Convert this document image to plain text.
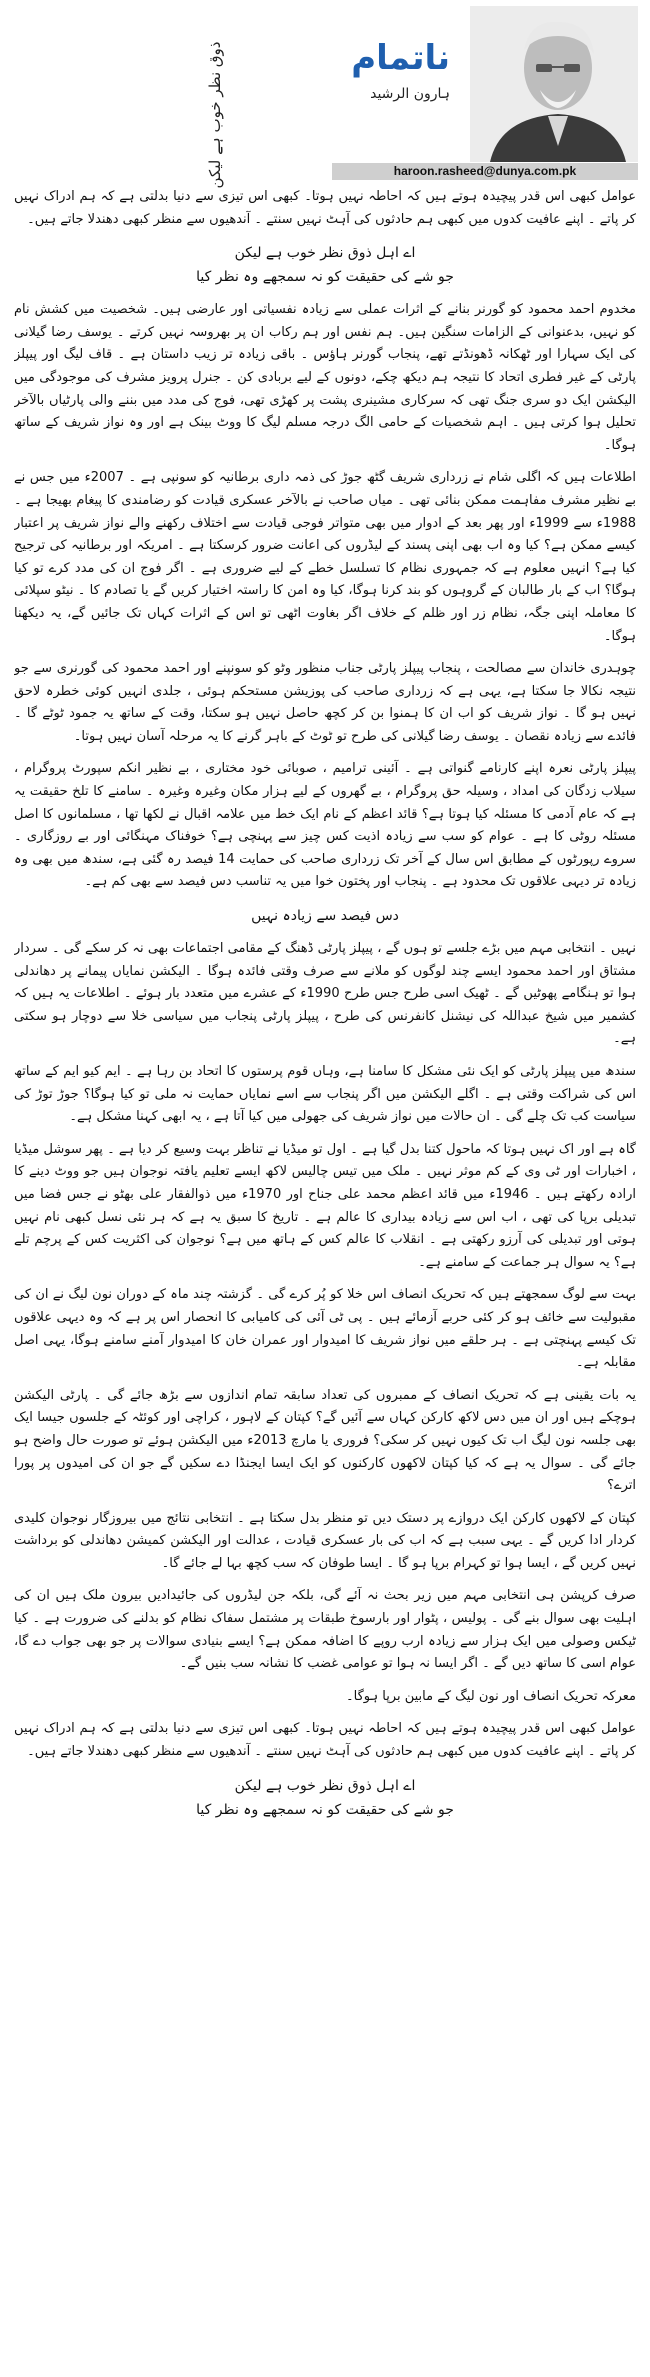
ناتمام
ہارون الرشید
haroon.rasheed@dunya.com.pk
ذوق نظر خوب ہے لیکن

عوامل کبھی اس قدر پیچیدہ ہوتے ہیں کہ احاطہ نہیں ہوتا۔ کبھی اس تیزی سے دنیا بدلتی ہے کہ ہم ادراک نہیں کر پاتے ۔ اپنے عافیت کدوں میں کبھی ہم حادثوں کی آہٹ نہیں سنتے ۔ آندھیوں سے منظر کبھی دھندلا جاتے ہیں۔

اے اہل ذوق نظر خوب ہے لیکن
جو شے کی حقیقت کو نہ سمجھے وہ نظر کیا

مخدوم احمد محمود کو گورنر بنانے کے اثرات عملی سے زیادہ نفسیاتی اور عارضی ہیں۔ شخصیت میں کشش نام کو نہیں، بدعنوانی کے الزامات سنگین ہیں۔ ہم نفس اور ہم رکاب ان پر بھروسہ نہیں کرتے ۔ یوسف رضا گیلانی کی ایک سہارا اور ٹھکانہ ڈھونڈتے تھے، پنجاب گورنر ہاؤس ۔ باقی زیادہ تر زیب داستان ہے ۔ قاف لیگ اور پیپلز پارٹی کے غیر فطری اتحاد کا نتیجہ ہم دیکھ چکے، دونوں کے لیے بربادی کن ۔ جنرل پرویز مشرف کی موجودگی میں الیکشن ایک دو سری جنگ تھی کہ سرکاری مشینری پشت پر کھڑی تھی، فوج کی مدد میں بننے والی پارٹیاں بالآخر تحلیل ہوا کرتی ہیں ۔ اہم شخصیات کے حامی الگ درجہ مسلم لیگ کا ووٹ بینک ہے اور وہ نواز شریف کے ساتھ ہوگا۔

اطلاعات ہیں کہ اگلی شام نے زرداری شریف گٹھ جوڑ کی ذمہ داری برطانیہ کو سونپی ہے ۔ 2007ء میں جس نے بے نظیر مشرف مفاہمت ممکن بنائی تھی ۔ میاں صاحب نے بالآخر عسکری قیادت کو رضامندی کا پیغام بھیجا ہے ۔ 1988ء سے 1999ء اور پھر بعد کے ادوار میں بھی متواتر فوجی قیادت سے اختلاف رکھنے والے نواز شریف پر اعتبار کیسے ممکن ہے؟ کیا وہ اب بھی اپنی پسند کے لیڈروں کی اعانت ضرور کرسکتا ہے ۔ امریکہ اور برطانیہ کی ترجیح کیا ہے؟ انہیں معلوم ہے کہ جمہوری نظام کا تسلسل خطے کے لیے ضروری ہے ۔ اگر فوج ان کی مدد کرے تو کیا ہوگا؟ اب کے بار طالبان کے گروہوں کو بند کرنا ہوگا، کیا وہ امن کا راستہ اختیار کریں گے یا تصادم کا ۔ نیٹو سپلائی کا معاملہ اپنی جگہ، نظام زر اور ظلم کے خلاف اگر بغاوت اٹھی تو اس کے اثرات کہاں تک جائیں گے، یہ دیکھنا ہوگا۔

چوہدری خاندان سے مصالحت ، پنجاب پیپلز پارٹی جناب منظور وٹو کو سونپنے اور احمد محمود کی گورنری سے جو نتیجہ نکالا جا سکتا ہے، یہی ہے کہ زرداری صاحب کی پوزیشن مستحکم ہوئی ، جلدی انہیں کوئی خطرہ لاحق نہیں ہو گا ۔ نواز شریف کو اب ان کا ہمنوا بن کر کچھ حاصل نہیں ہو سکتا، وقت کے ساتھ یہ جمود ٹوٹے گا ۔ فائدے سے زیادہ نقصان ۔ یوسف رضا گیلانی کی طرح تو ٹوٹ کے باہر گرنے کا یہ مرحلہ آسان نہیں ہوتا۔

پیپلز پارٹی نعرہ اپنے کارنامے گنواتی ہے ۔ آئینی ترامیم ، صوبائی خود مختاری ، بے نظیر انکم سپورٹ پروگرام ، سیلاب زدگان کی امداد ، وسیلہ حق پروگرام ، بے گھروں کے لیے ہزار مکان وغیرہ وغیرہ ۔ سامنے کا تلخ حقیقت یہ ہے کہ عام آدمی کا مسئلہ کیا ہوتا ہے؟ قائد اعظم کے نام ایک خط میں علامہ اقبال نے لکھا تھا ، مسلمانوں کا اصل مسئلہ روٹی کا ہے ۔ عوام کو سب سے زیادہ اذیت کس چیز سے پہنچی ہے؟ خوفناک مہنگائی اور بے روزگاری ۔ سروے رپورٹوں کے مطابق اس سال کے آخر تک زرداری صاحب کی حمایت 14 فیصد رہ گئی ہے، سندھ میں بھی وہ زیادہ تر دیہی علاقوں تک محدود ہے ۔ پنجاب اور پختون خوا میں یہ تناسب دس فیصد سے بھی کم ہے۔

دس فیصد سے زیادہ نہیں

نہیں ۔ انتخابی مہم میں بڑے جلسے تو ہوں گے ، پیپلز پارٹی ڈھنگ کے مقامی اجتماعات بھی نہ کر سکے گی ۔ سردار مشتاق اور احمد محمود ایسے چند لوگوں کو ملانے سے صرف وقتی فائدہ ہوگا ۔ الیکشن نمایاں پیمانے پر دھاندلی ہوا تو ہنگامے پھوٹیں گے ۔ ٹھیک اسی طرح جس طرح 1990ء کے عشرے میں متعدد بار ہوئے ۔ اطلاعات یہ ہیں کہ کشمیر میں شیخ عبداللہ کی نیشنل کانفرنس کی طرح ، پیپلز پارٹی پنجاب میں سیاسی خلا سے دوچار ہو سکتی ہے۔

سندھ میں پیپلز پارٹی کو ایک نئی مشکل کا سامنا ہے، وہاں قوم پرستوں کا اتحاد بن رہا ہے ۔ ایم کیو ایم کے ساتھ اس کی شراکت وقتی ہے ۔ اگلے الیکشن میں اگر پنجاب سے اسے نمایاں حمایت نہ ملی تو کیا ہوگا؟ جوڑ توڑ کی سیاست کب تک چلے گی ۔ ان حالات میں نواز شریف کی جھولی میں کیا آتا ہے ، یہ ابھی کہنا مشکل ہے۔

گاہ ہے اور اک نہیں ہوتا کہ ماحول کتنا بدل گیا ہے ۔ اول تو میڈیا نے تناظر بہت وسیع کر دیا ہے ۔ پھر سوشل میڈیا ، اخبارات اور ٹی وی کے کم موثر نہیں ۔ ملک میں تیس چالیس لاکھ ایسے تعلیم یافتہ نوجوان ہیں جو ووٹ دینے کا ارادہ رکھتے ہیں ۔ 1946ء میں قائد اعظم محمد علی جناح اور 1970ء میں ذوالفقار علی بھٹو نے جس فضا میں تبدیلی برپا کی تھی ، اب اس سے زیادہ بیداری کا عالم ہے ۔ تاریخ کا سبق یہ ہے کہ ہر نئی نسل کبھی نام نہیں ہوتی اور تبدیلی کی آرزو رکھتی ہے ۔ انقلاب کا عالم کس کے ہاتھ میں ہے؟ نوجوان کی اکثریت کس کے پرچم تلے ہے؟ یہ سوال ہر جماعت کے سامنے ہے۔

بہت سے لوگ سمجھتے ہیں کہ تحریک انصاف اس خلا کو پُر کرے گی ۔ گزشتہ چند ماہ کے دوران نون لیگ نے ان کی مقبولیت سے خائف ہو کر کئی حربے آزمائے ہیں ۔ پی ٹی آئی کی کامیابی کا انحصار اس پر ہے کہ وہ دیہی علاقوں تک کیسے پہنچتی ہے ۔ ہر حلقے میں نواز شریف کا امیدوار اور عمران خان کا امیدوار آمنے سامنے ہوگا، یہی اصل مقابلہ ہے۔

یہ بات یقینی ہے کہ تحریک انصاف کے ممبروں کی تعداد سابقہ تمام اندازوں سے بڑھ جائے گی ۔ پارٹی الیکشن ہوچکے ہیں اور ان میں دس لاکھ کارکن کہاں سے آئیں گے؟ کپتان کے لاہور ، کراچی اور کوئٹہ کے جلسوں جیسا ایک بھی جلسہ نون لیگ اب تک کیوں نہیں کر سکی؟ فروری یا مارچ 2013ء میں الیکشن ہوئے تو صورت حال واضح ہو جائے گی ۔ سوال یہ ہے کہ کیا کپتان لاکھوں کارکنوں کو ایک ایسا ایجنڈا دے سکیں گے جو ان کی امیدوں پر پورا اترے؟

کپتان کے لاکھوں کارکن ایک دروازے پر دستک دیں تو منظر بدل سکتا ہے ۔ انتخابی نتائج میں بیروزگار نوجوان کلیدی کردار ادا کریں گے ۔ یہی سبب ہے کہ اب کی بار عسکری قیادت ، عدالت اور الیکشن کمیشن دھاندلی کو برداشت نہیں کریں گے ، ایسا ہوا تو کہرام برپا ہو گا ۔ ایسا طوفان کہ سب کچھ بہا لے جائے گا۔

صرف کرپشن ہی انتخابی مہم میں زیر بحث نہ آئے گی، بلکہ جن لیڈروں کی جائیدادیں بیرون ملک ہیں ان کی اہلیت بھی سوال بنے گی ۔ پولیس ، پٹوار اور بارسوخ طبقات پر مشتمل سفاک نظام کو بدلنے کی ضرورت ہے ۔ کیا ٹیکس وصولی میں ایک ہزار سے زیادہ ارب روپے کا اضافہ ممکن ہے؟ ایسے بنیادی سوالات پر جو بھی جواب دے گا، عوام اسی کا ساتھ دیں گے ۔ اگر ایسا نہ ہوا تو عوامی غضب کا نشانہ سب بنیں گے۔

معرکہ تحریک انصاف اور نون لیگ کے مابین برپا ہوگا۔

عوامل کبھی اس قدر پیچیدہ ہوتے ہیں کہ احاطہ نہیں ہوتا۔ کبھی اس تیزی سے دنیا بدلتی ہے کہ ہم ادراک نہیں کر پاتے ۔ اپنے عافیت کدوں میں کبھی ہم حادثوں کی آہٹ نہیں سنتے ۔ آندھیوں سے منظر کبھی دھندلا جاتے ہیں۔

اے اہل ذوق نظر خوب ہے لیکن
جو شے کی حقیقت کو نہ سمجھے وہ نظر کیا
